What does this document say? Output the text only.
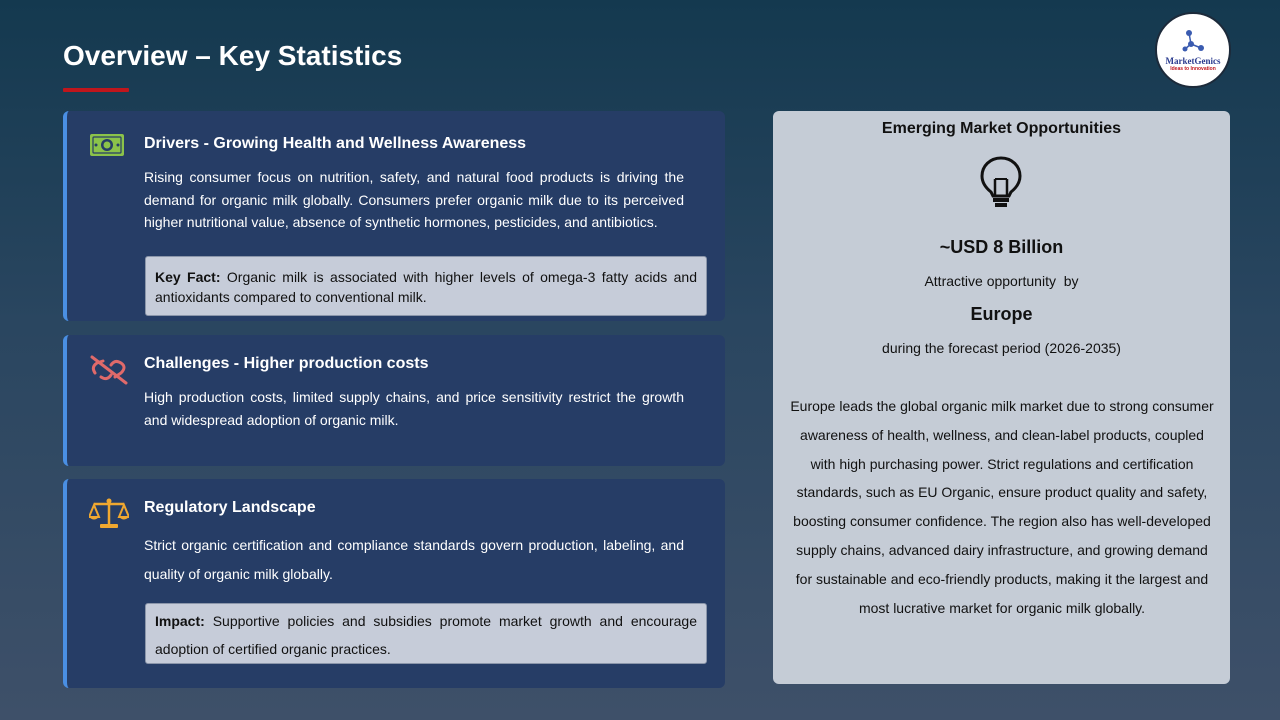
Overview – Key Statistics	MarketGenics
Ideas to Innovation
Drivers - Growing Health and Wellness Awareness
Rising consumer focus on nutrition, safety, and natural food products is driving the demand for organic milk globally. Consumers prefer organic milk due to its perceived higher nutritional value, absence of synthetic hormones, pesticides, and antibiotics.
Key Fact: Organic milk is associated with higher levels of omega-3 fatty acids and antioxidants compared to conventional milk.
Challenges - Higher production costs
High production costs, limited supply chains, and price sensitivity restrict the growth and widespread adoption of organic milk.
Regulatory Landscape
Strict organic certification and compliance standards govern production, labeling, and quality of organic milk globally.
Impact: Supportive policies and subsidies promote market growth and encourage adoption of certified organic practices.
Emerging Market Opportunities
~USD 8 Billion
Attractive opportunity  by
Europe
during the forecast period (2026-2035)
Europe leads the global organic milk market due to strong consumer awareness of health, wellness, and clean-label products, coupled with high purchasing power. Strict regulations and certification standards, such as EU Organic, ensure product quality and safety, boosting consumer confidence. The region also has well-developed supply chains, advanced dairy infrastructure, and growing demand for sustainable and eco-friendly products, making it the largest and most lucrative market for organic milk globally.
